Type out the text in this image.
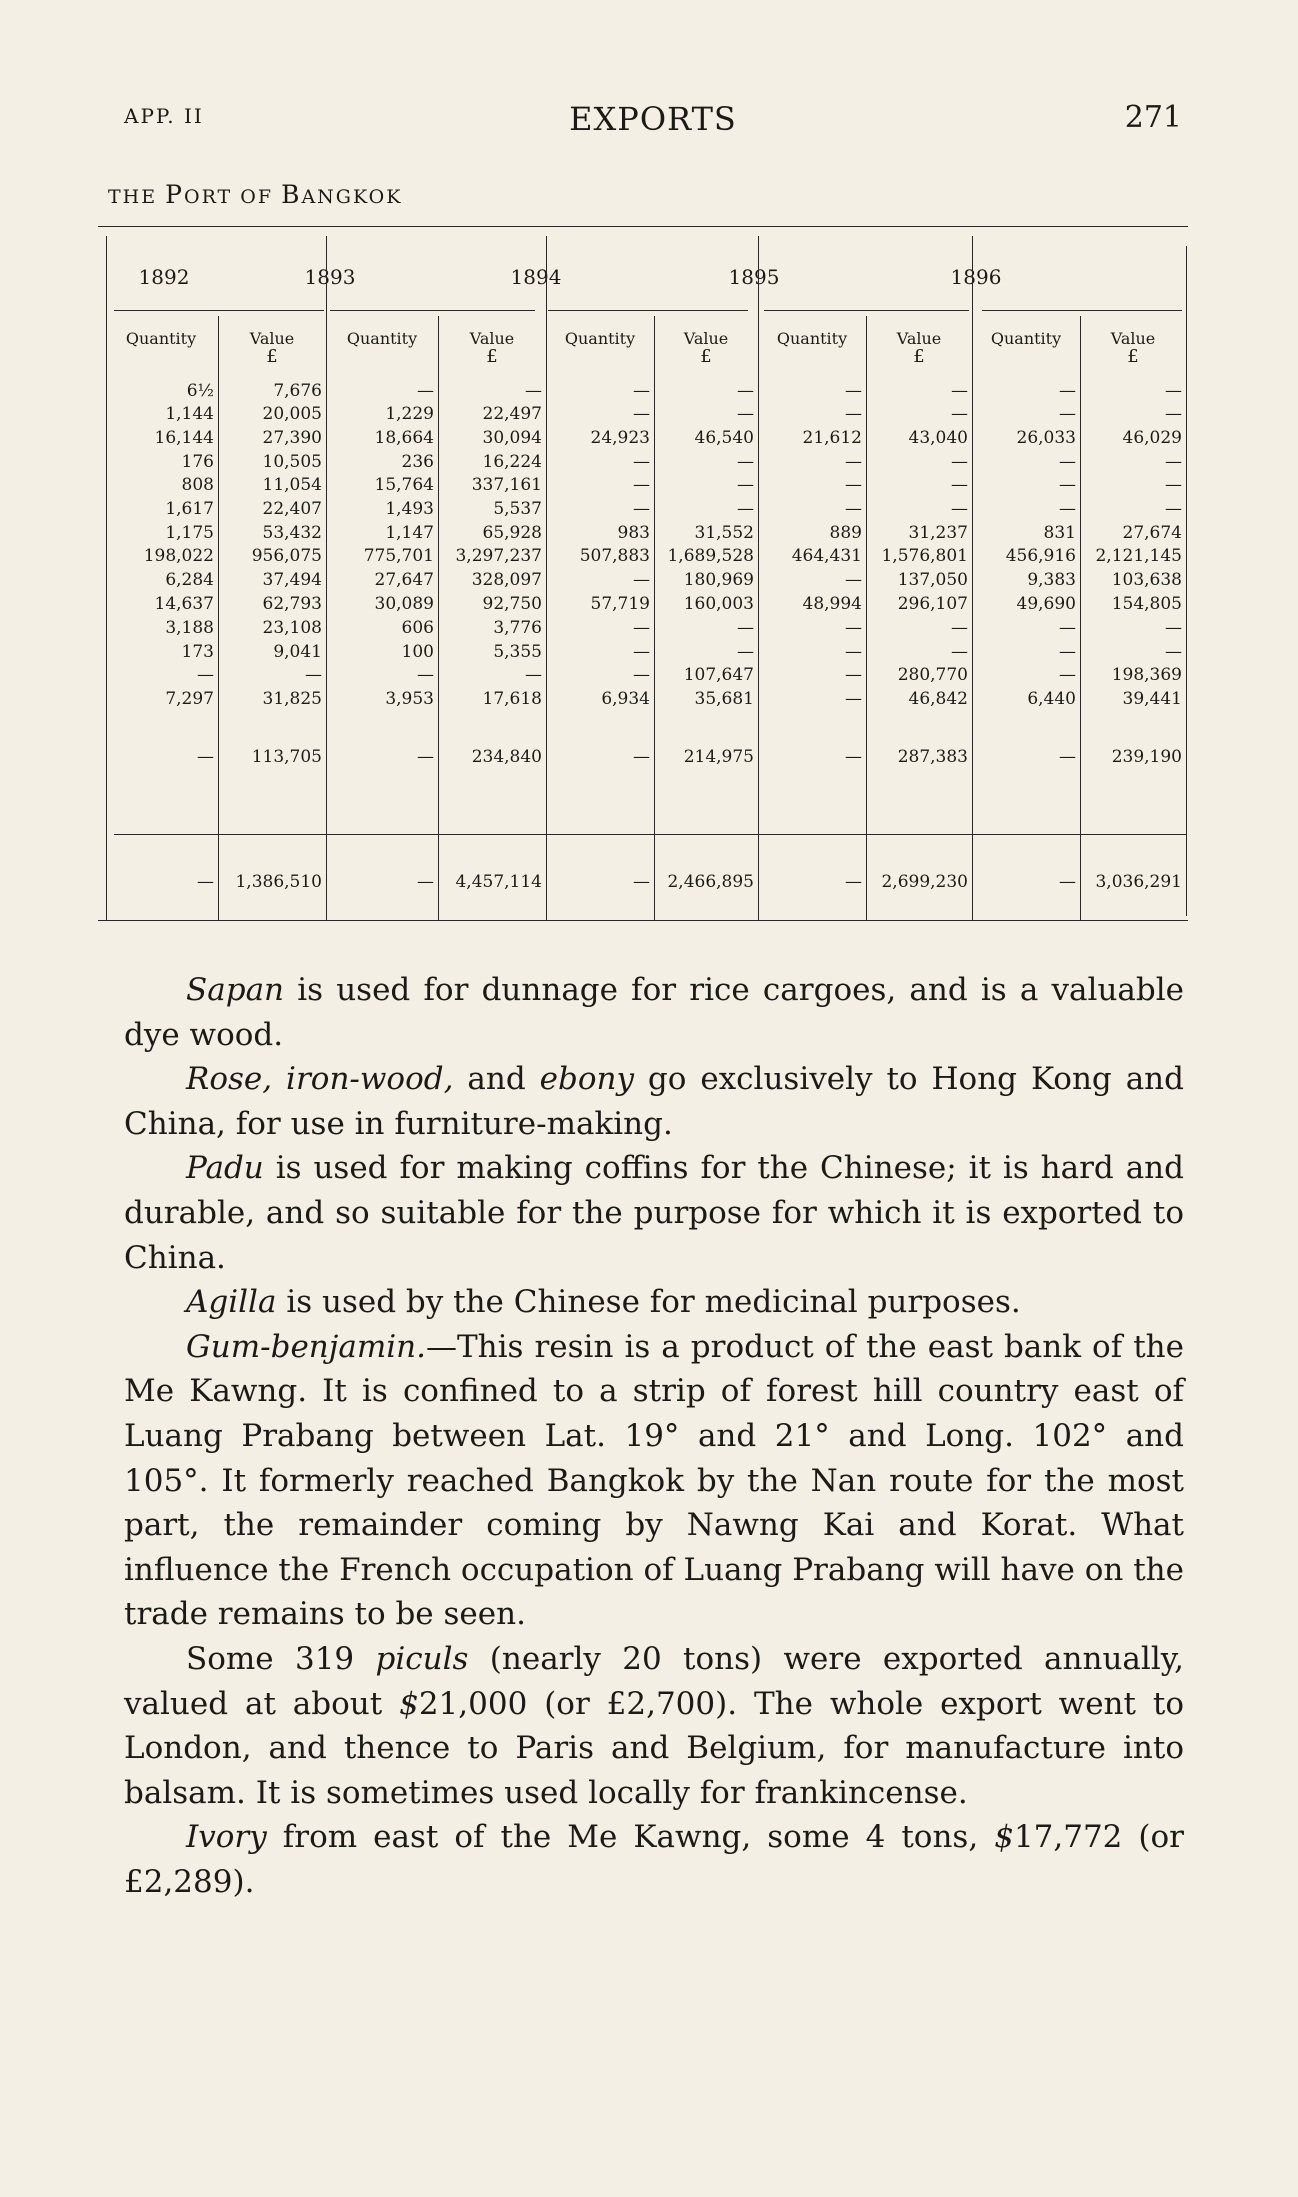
APP. II	EXPORTS	271
THE PORT OF BANGKOK
1892	1893	1894	1895	1896
Quantity	Value
£
Quantity	Value
£
Quantity	Value
£
Quantity	Value
£
Quantity	Value
£
6½	7,676	—	—	—	—	—	—	—	—
1,144	20,005	1,229	22,497	—	—	—	—	—	—
16,144	27,390	18,664	30,094	24,923	46,540	21,612	43,040	26,033	46,029
176	10,505	236	16,224	—	—	—	—	—	—
808	11,054	15,764	337,161	—	—	—	—	—	—
1,617	22,407	1,493	5,537	—	—	—	—	—	—
1,175	53,432	1,147	65,928	983	31,552	889	31,237	831	27,674
198,022	956,075	775,701	3,297,237	507,883	1,689,528	464,431	1,576,801	456,916	2,121,145
6,284	37,494	27,647	328,097	—	180,969	—	137,050	9,383	103,638
14,637	62,793	30,089	92,750	57,719	160,003	48,994	296,107	49,690	154,805
3,188	23,108	606	3,776	—	—	—	—	—	—
173	9,041	100	5,355	—	—	—	—	—	—
—	—	—	—	—	107,647	—	280,770	—	198,369
7,297	31,825	3,953	17,618	6,934	35,681	—	46,842	6,440	39,441
—	113,705	—	234,840	—	214,975	—	287,383	—	239,190
—	1,386,510	—	4,457,114	—	2,466,895	—	2,699,230	—	3,036,291

Sapan is used for dunnage for rice cargoes, and is a valuable dye wood.

Rose, iron-wood, and ebony go exclusively to Hong Kong and China, for use in furniture-making.

Padu is used for making coffins for the Chinese; it is hard and durable, and so suitable for the purpose for which it is exported to China.

Agilla is used by the Chinese for medicinal purposes.

Gum-benjamin.—This resin is a product of the east bank of the Me Kawng. It is confined to a strip of forest hill country east of Luang Prabang between Lat. 19° and 21° and Long. 102° and 105°. It formerly reached Bangkok by the Nan route for the most part, the remainder coming by Nawng Kai and Korat. What influence the French occupation of Luang Prabang will have on the trade remains to be seen.

Some 319 piculs (nearly 20 tons) were exported annually, valued at about $21,000 (or £2,700). The whole export went to London, and thence to Paris and Belgium, for manufacture into balsam. It is sometimes used locally for frankincense.

Ivory from east of the Me Kawng, some 4 tons, $17,772 (or £2,289).
